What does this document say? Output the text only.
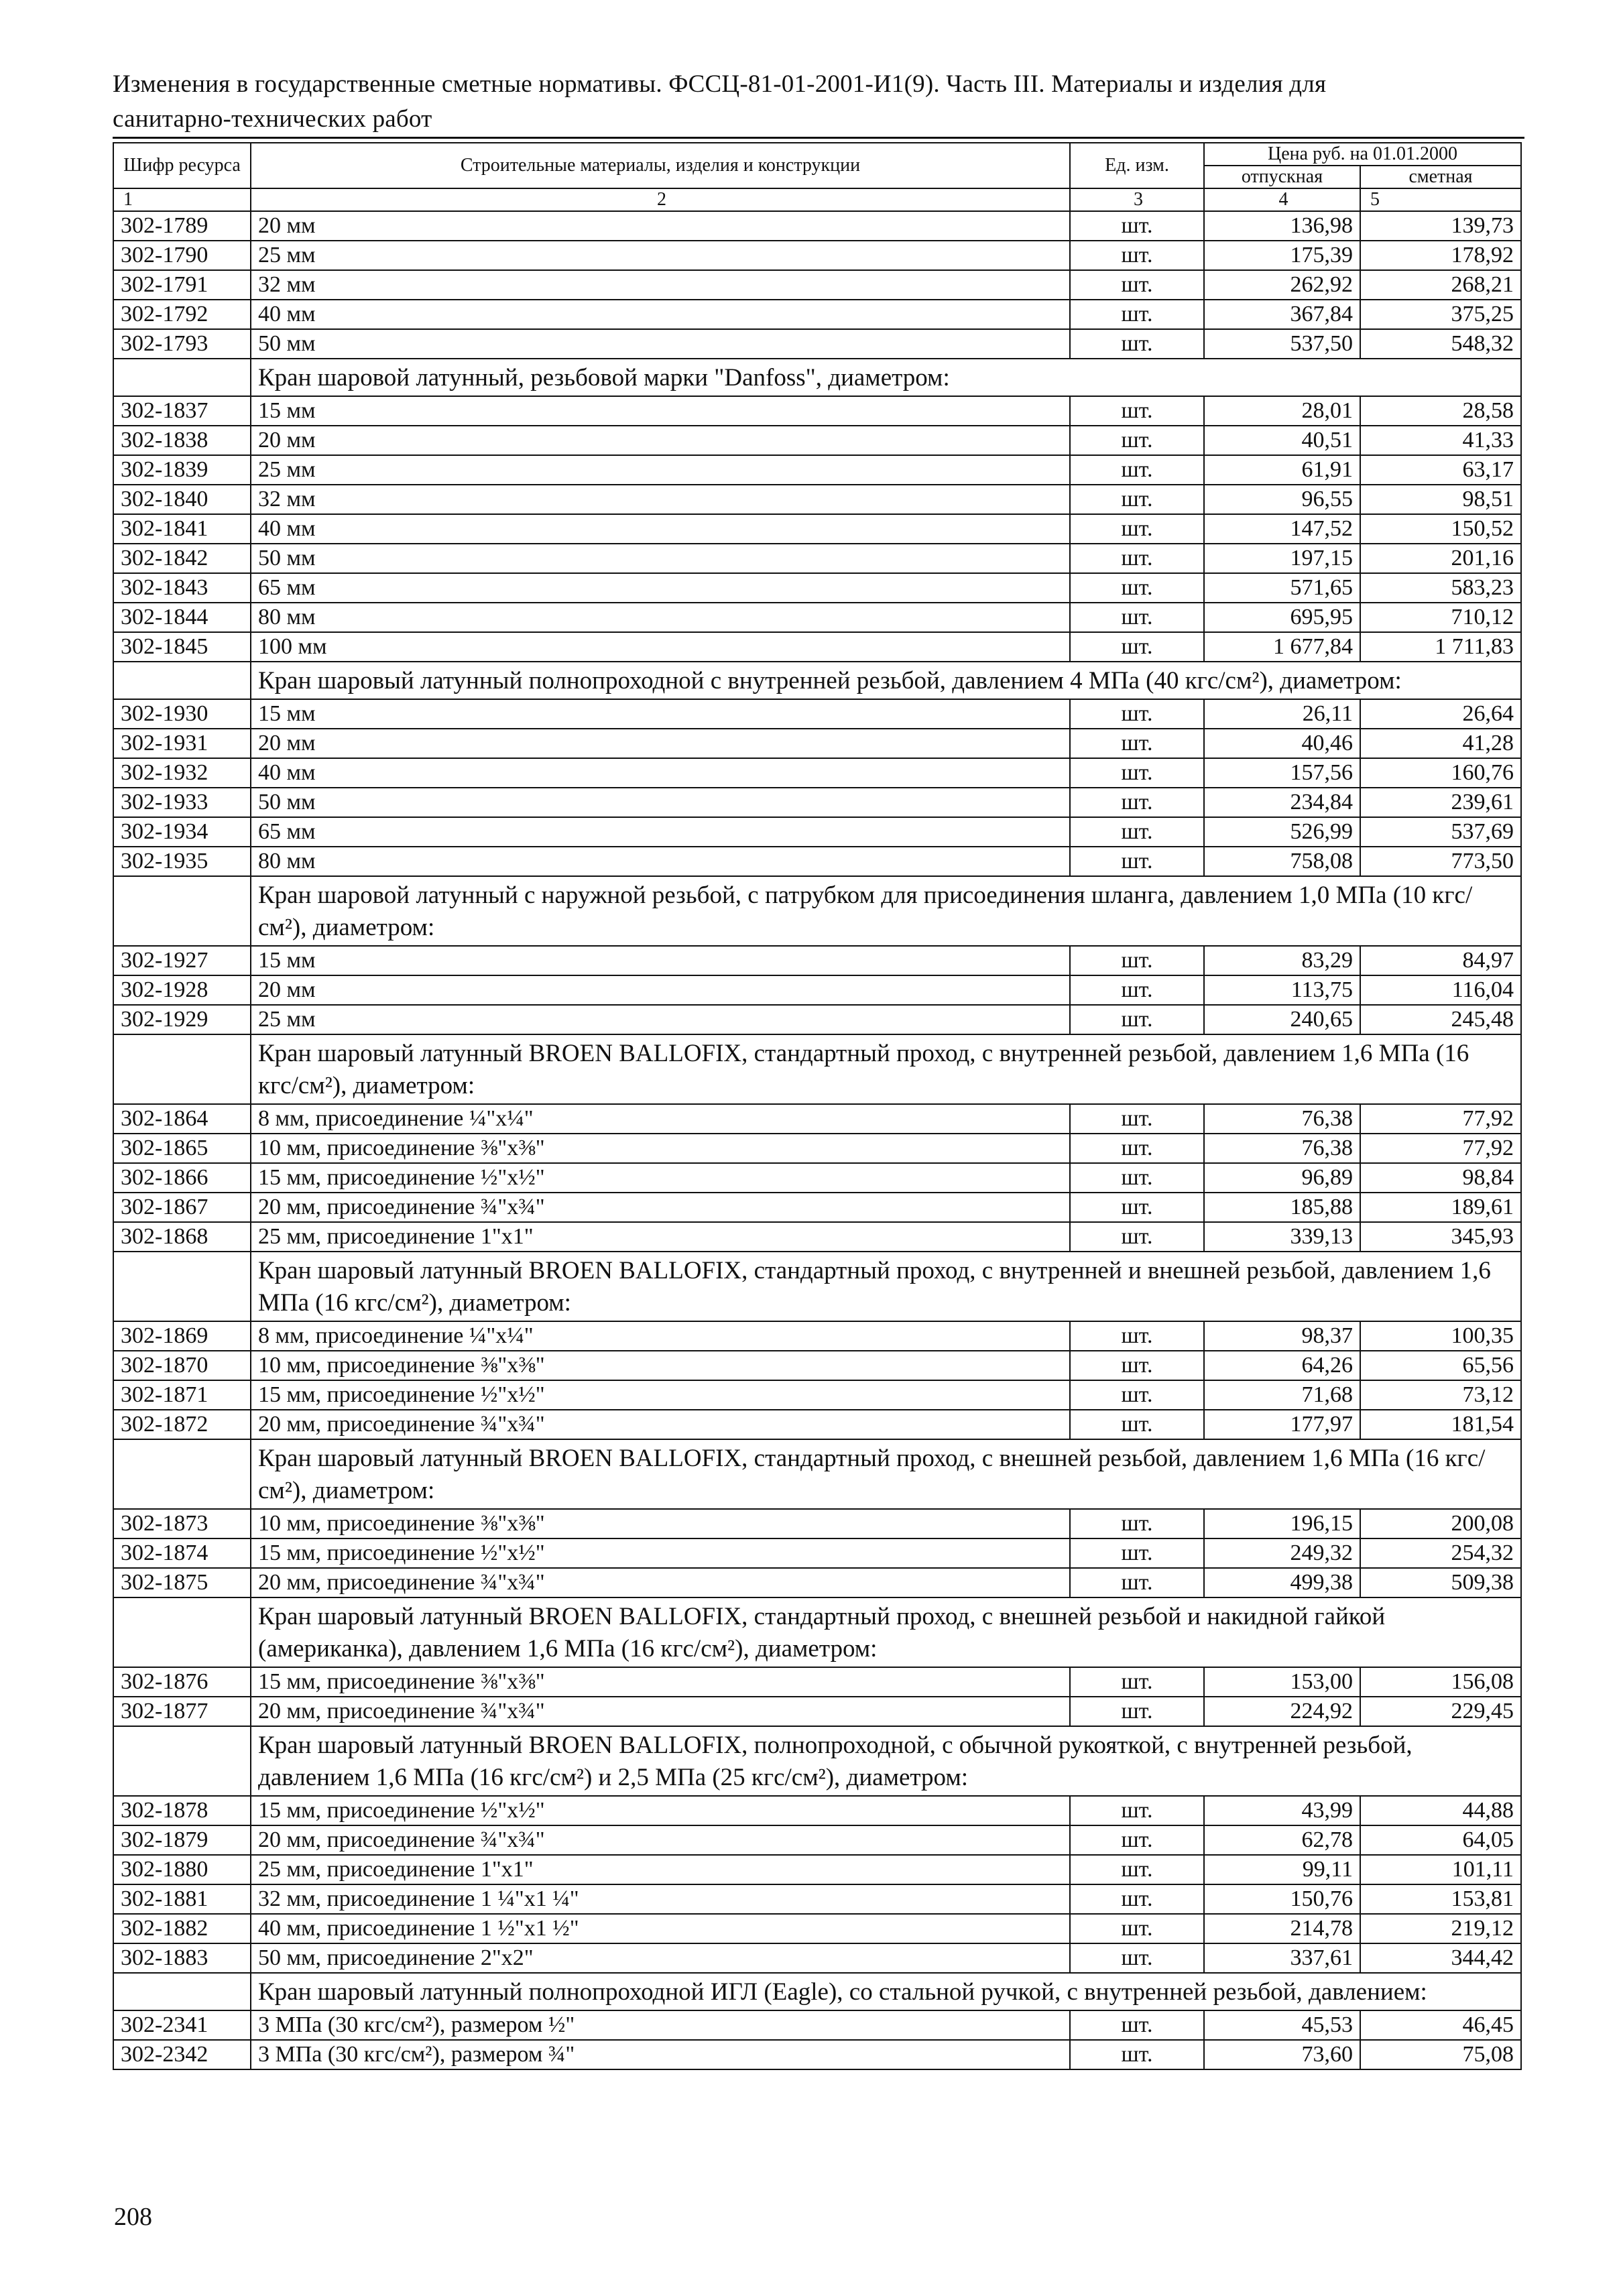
Изменения в государственные сметные нормативы. ФССЦ-81-01-2001-И1(9). Часть III. Материалы и изделия для
санитарно-технических работ
Шифр ресурса	Строительные материалы, изделия и конструкции	Ед. изм.	Цена руб. на 01.01.2000	
			отпускная	сметная
1	2	3	4	5
302-1789	20 мм	шт.	136,98	139,73
302-1790	25 мм	шт.	175,39	178,92
302-1791	32 мм	шт.	262,92	268,21
302-1792	40 мм	шт.	367,84	375,25
302-1793	50 мм	шт.	537,50	548,32
	Кран шаровой латунный, резьбовой марки "Danfoss", диаметром:			
302-1837	15 мм	шт.	28,01	28,58
302-1838	20 мм	шт.	40,51	41,33
302-1839	25 мм	шт.	61,91	63,17
302-1840	32 мм	шт.	96,55	98,51
302-1841	40 мм	шт.	147,52	150,52
302-1842	50 мм	шт.	197,15	201,16
302-1843	65 мм	шт.	571,65	583,23
302-1844	80 мм	шт.	695,95	710,12
302-1845	100 мм	шт.	1 677,84	1 711,83
	Кран шаровый латунный полнопроходной с внутренней резьбой, давлением 4 МПа (40 кгс/см²), диаметром:			
302-1930	15 мм	шт.	26,11	26,64
302-1931	20 мм	шт.	40,46	41,28
302-1932	40 мм	шт.	157,56	160,76
302-1933	50 мм	шт.	234,84	239,61
302-1934	65 мм	шт.	526,99	537,69
302-1935	80 мм	шт.	758,08	773,50
	Кран шаровой латунный с наружной резьбой, с патрубком для присоединения шланга, давлением 1,0 МПа (10 кгс/см²), диаметром:			
302-1927	15 мм	шт.	83,29	84,97
302-1928	20 мм	шт.	113,75	116,04
302-1929	25 мм	шт.	240,65	245,48
	Кран шаровый латунный BROEN BALLOFIX, стандартный проход, с внутренней резьбой, давлением 1,6 МПа (16 кгс/см²), диаметром:			
302-1864	8 мм, присоединение ¼"x¼"	шт.	76,38	77,92
302-1865	10 мм, присоединение ⅜"x⅜"	шт.	76,38	77,92
302-1866	15 мм, присоединение ½"x½"	шт.	96,89	98,84
302-1867	20 мм, присоединение ¾"x¾"	шт.	185,88	189,61
302-1868	25 мм, присоединение 1"x1"	шт.	339,13	345,93
	Кран шаровый латунный BROEN BALLOFIX, стандартный проход, с внутренней и внешней резьбой, давлением 1,6 МПа (16 кгс/см²), диаметром:			
302-1869	8 мм, присоединение ¼"x¼"	шт.	98,37	100,35
302-1870	10 мм, присоединение ⅜"x⅜"	шт.	64,26	65,56
302-1871	15 мм, присоединение ½"x½"	шт.	71,68	73,12
302-1872	20 мм, присоединение ¾"x¾"	шт.	177,97	181,54
	Кран шаровый латунный BROEN BALLOFIX, стандартный проход, с внешней резьбой, давлением 1,6 МПа (16 кгс/см²), диаметром:			
302-1873	10 мм, присоединение ⅜"x⅜"	шт.	196,15	200,08
302-1874	15 мм, присоединение ½"x½"	шт.	249,32	254,32
302-1875	20 мм, присоединение ¾"x¾"	шт.	499,38	509,38
	Кран шаровый латунный BROEN BALLOFIX, стандартный проход, с внешней резьбой и накидной гайкой (американка), давлением 1,6 МПа (16 кгс/см²), диаметром:			
302-1876	15 мм, присоединение ⅜"x⅜"	шт.	153,00	156,08
302-1877	20 мм, присоединение ¾"x¾"	шт.	224,92	229,45
	Кран шаровый латунный BROEN BALLOFIX, полнопроходной, с обычной рукояткой, с внутренней резьбой, давлением 1,6 МПа (16 кгс/см²) и 2,5 МПа (25 кгс/см²), диаметром:			
302-1878	15 мм, присоединение ½"x½"	шт.	43,99	44,88
302-1879	20 мм, присоединение ¾"x¾"	шт.	62,78	64,05
302-1880	25 мм, присоединение 1"x1"	шт.	99,11	101,11
302-1881	32 мм, присоединение 1 ¼"x1 ¼"	шт.	150,76	153,81
302-1882	40 мм, присоединение 1 ½"x1 ½"	шт.	214,78	219,12
302-1883	50 мм, присоединение 2"x2"	шт.	337,61	344,42
	Кран шаровый латунный полнопроходной ИГЛ (Eagle), со стальной ручкой, с внутренней резьбой, давлением:			
302-2341	3 МПа (30 кгс/см²), размером ½"	шт.	45,53	46,45
302-2342	3 МПа (30 кгс/см²), размером ¾"	шт.	73,60	75,08
208
